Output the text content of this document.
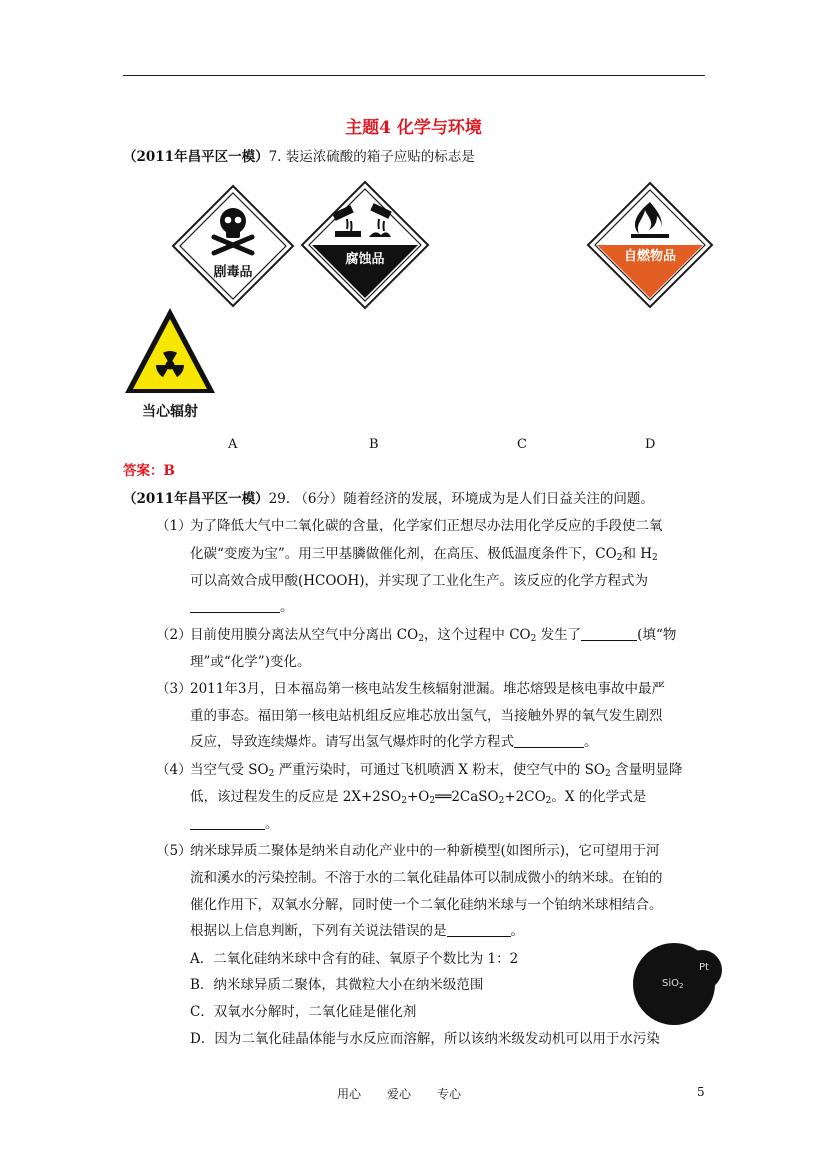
主题4 化学与环境
（2011年昌平区一模）7. 装运浓硫酸的箱子应贴的标志是
剧毒品
腐蚀品	自燃物品
当心辐射
A	B	C	D
答案：B
（2011年昌平区一模）29. （6分）随着经济的发展，环境成为是人们日益关注的问题。
（1）
为了降低大气中二氧化碳的含量，化学家们正想尽办法用化学反应的手段使二氧
化碳“变废为宝”。用三甲基膦做催化剂，在高压、极低温度条件下，$CO_2$和 $H_2$
可以高效合成甲酸(HCOOH)，并实现了工业化生产。该反应的化学方程式为
。
（2）
目前使用膜分离法从空气中分离出 $CO_2$，这个过程中 $CO_2$ 发生了	(填“物
理”或“化学”)变化。
（3）
2011年3月，日本福岛第一核电站发生核辐射泄漏。堆芯熔毁是核电事故中最严
重的事态。福田第一核电站机组反应堆芯放出氢气，当接触外界的氧气发生剧烈
反应，导致连续爆炸。请写出氢气爆炸时的化学方程式	。
（4）
当空气受 $SO_2$ 严重污染时，可通过飞机喷洒 X 粉末，使空气中的 $SO_2$ 含量明显降
低，该过程发生的反应是 $2X+2SO_2+O_2══2CaSO_2+2CO_2$。X 的化学式是
。
（5）
纳米球异质二聚体是纳米自动化产业中的一种新模型(如图所示)，它可望用于河
流和溪水的污染控制。不溶于水的二氧化硅晶体可以制成微小的纳米球。在铂的
催化作用下，双氧水分解，同时使一个二氧化硅纳米球与一个铂纳米球相结合。
根据以上信息判断，下列有关说法错误的是	。
A．二氧化硅纳米球中含有的硅、氧原子个数比为 1：2
B．纳米球异质二聚体，其微粒大小在纳米级范围
C．双氧水分解时，二氧化硅是催化剂
D．因为二氧化硅晶体能与水反应而溶解，所以该纳米级发动机可以用于水污染
SiO$_2$
Pt
用心 爱心 专心	5
